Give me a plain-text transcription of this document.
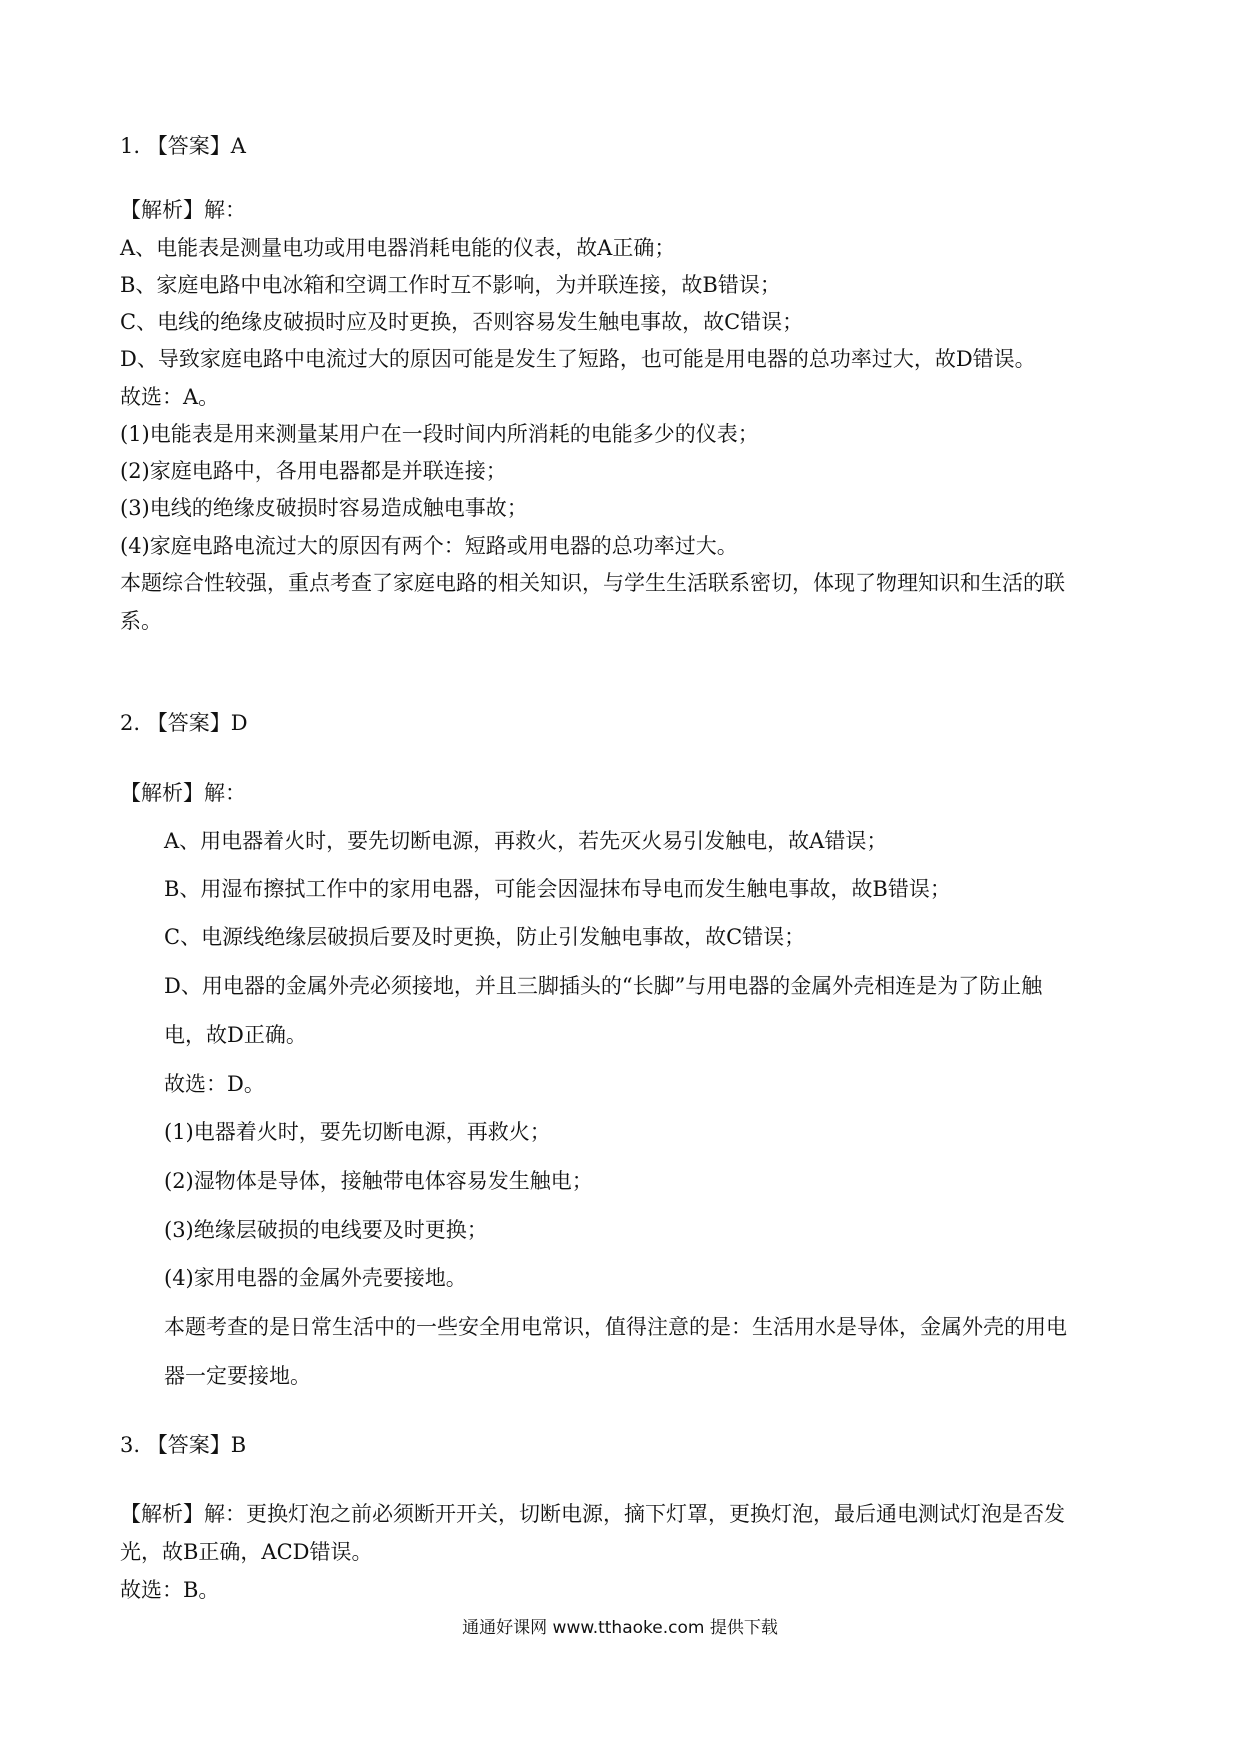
1. 【答案】A
【解析】解：
A、电能表是测量电功或用电器消耗电能的仪表，故A正确；
B、家庭电路中电冰箱和空调工作时互不影响，为并联连接，故B错误；
C、电线的绝缘皮破损时应及时更换，否则容易发生触电事故，故C错误；
D、导致家庭电路中电流过大的原因可能是发生了短路，也可能是用电器的总功率过大，故D错误。
故选：A。
(1)电能表是用来测量某用户在一段时间内所消耗的电能多少的仪表；
(2)家庭电路中，各用电器都是并联连接；
(3)电线的绝缘皮破损时容易造成触电事故；
(4)家庭电路电流过大的原因有两个：短路或用电器的总功率过大。
本题综合性较强，重点考查了家庭电路的相关知识，与学生生活联系密切，体现了物理知识和生活的联
系。
2. 【答案】D
【解析】解：
A、用电器着火时，要先切断电源，再救火，若先灭火易引发触电，故A错误；
B、用湿布擦拭工作中的家用电器，可能会因湿抹布导电而发生触电事故，故B错误；
C、电源线绝缘层破损后要及时更换，防止引发触电事故，故C错误；
D、用电器的金属外壳必须接地，并且三脚插头的“长脚”与用电器的金属外壳相连是为了防止触
电，故D正确。
故选：D。
(1)电器着火时，要先切断电源，再救火；
(2)湿物体是导体，接触带电体容易发生触电；
(3)绝缘层破损的电线要及时更换；
(4)家用电器的金属外壳要接地。
本题考查的是日常生活中的一些安全用电常识，值得注意的是：生活用水是导体，金属外壳的用电
器一定要接地。
3. 【答案】B
【解析】解：更换灯泡之前必须断开开关，切断电源，摘下灯罩，更换灯泡，最后通电测试灯泡是否发
光，故B正确，ACD错误。
故选：B。
通通好课网 www.tthaoke.com 提供下载
